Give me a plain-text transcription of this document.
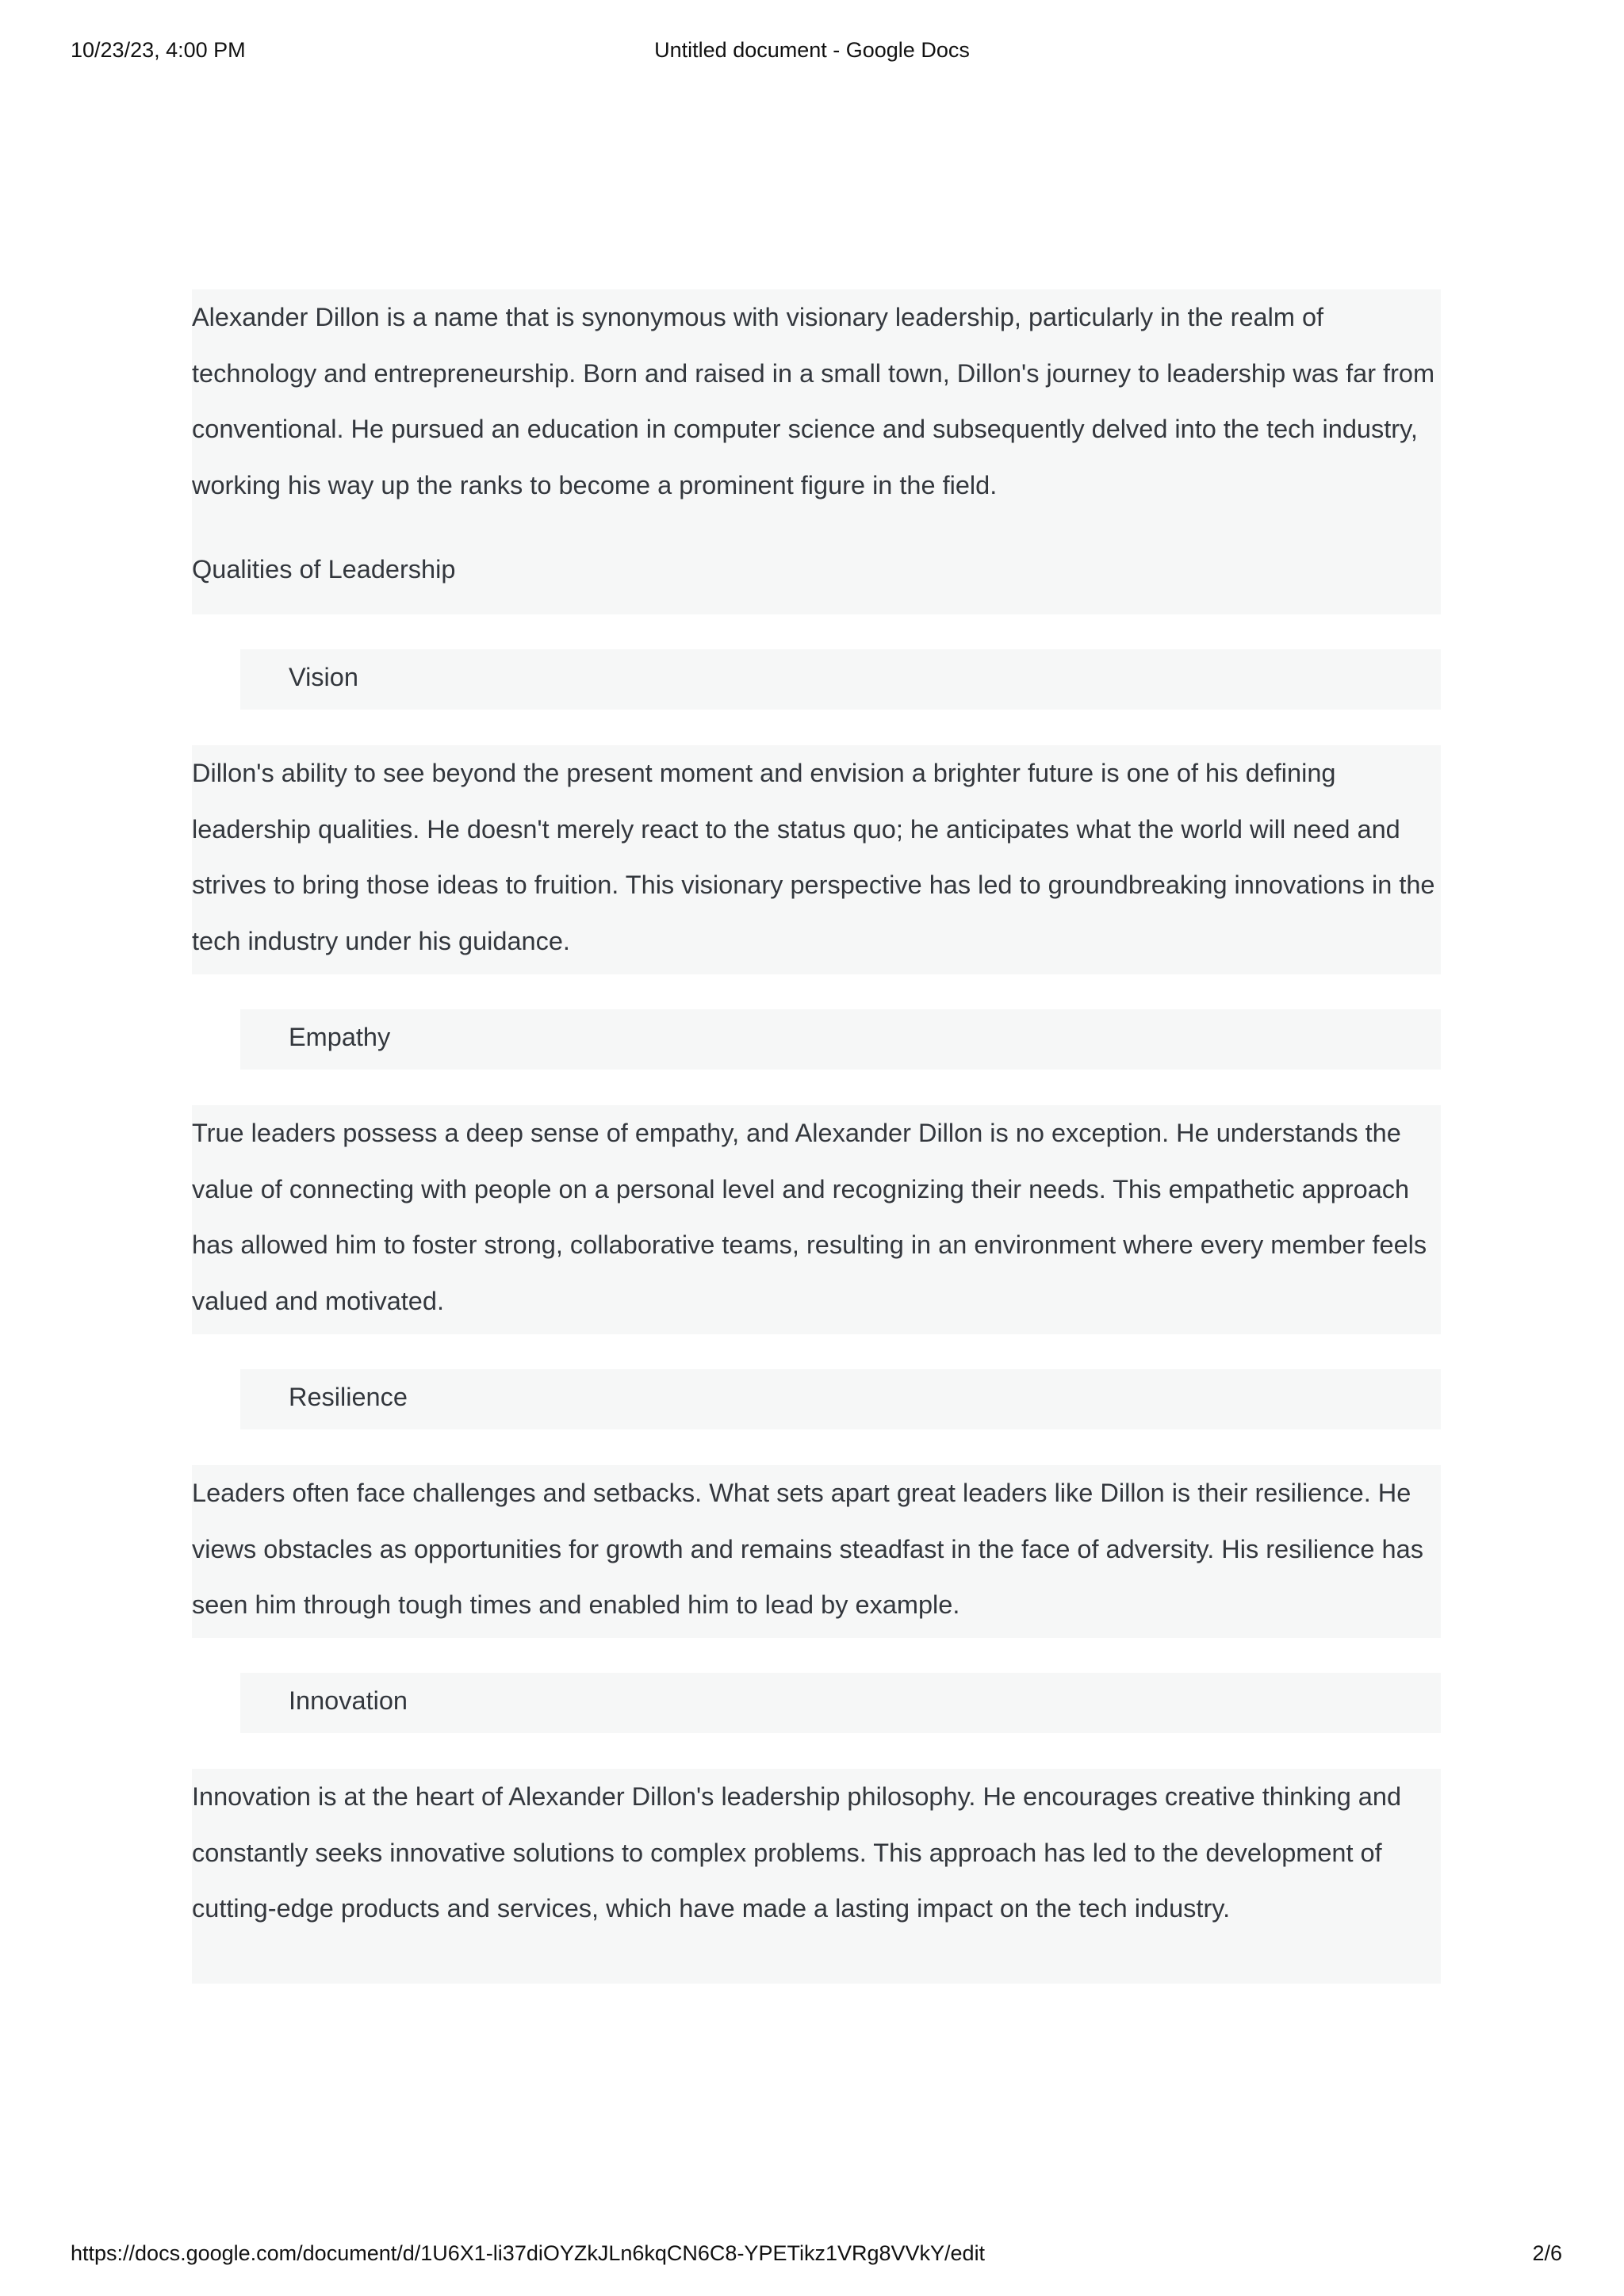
10/23/23, 4:00 PM	Untitled document - Google Docs

Alexander Dillon is a name that is synonymous with visionary leadership, particularly in the realm of technology and entrepreneurship. Born and raised in a small town, Dillon's journey to leadership was far from conventional. He pursued an education in computer science and subsequently delved into the tech industry, working his way up the ranks to become a prominent figure in the field.

Qualities of Leadership
Vision

Dillon's ability to see beyond the present moment and envision a brighter future is one of his defining leadership qualities. He doesn't merely react to the status quo; he anticipates what the world will need and strives to bring those ideas to fruition. This visionary perspective has led to groundbreaking innovations in the tech industry under his guidance.

Empathy

True leaders possess a deep sense of empathy, and Alexander Dillon is no exception. He understands the value of connecting with people on a personal level and recognizing their needs. This empathetic approach has allowed him to foster strong, collaborative teams, resulting in an environment where every member feels valued and motivated.

Resilience

Leaders often face challenges and setbacks. What sets apart great leaders like Dillon is their resilience. He views obstacles as opportunities for growth and remains steadfast in the face of adversity. His resilience has seen him through tough times and enabled him to lead by example.

Innovation

Innovation is at the heart of Alexander Dillon's leadership philosophy. He encourages creative thinking and constantly seeks innovative solutions to complex problems. This approach has led to the development of cutting-edge products and services, which have made a lasting impact on the tech industry.

https://docs.google.com/document/d/1U6X1-li37diOYZkJLn6kqCN6C8-YPETikz1VRg8VVkY/edit	2/6
